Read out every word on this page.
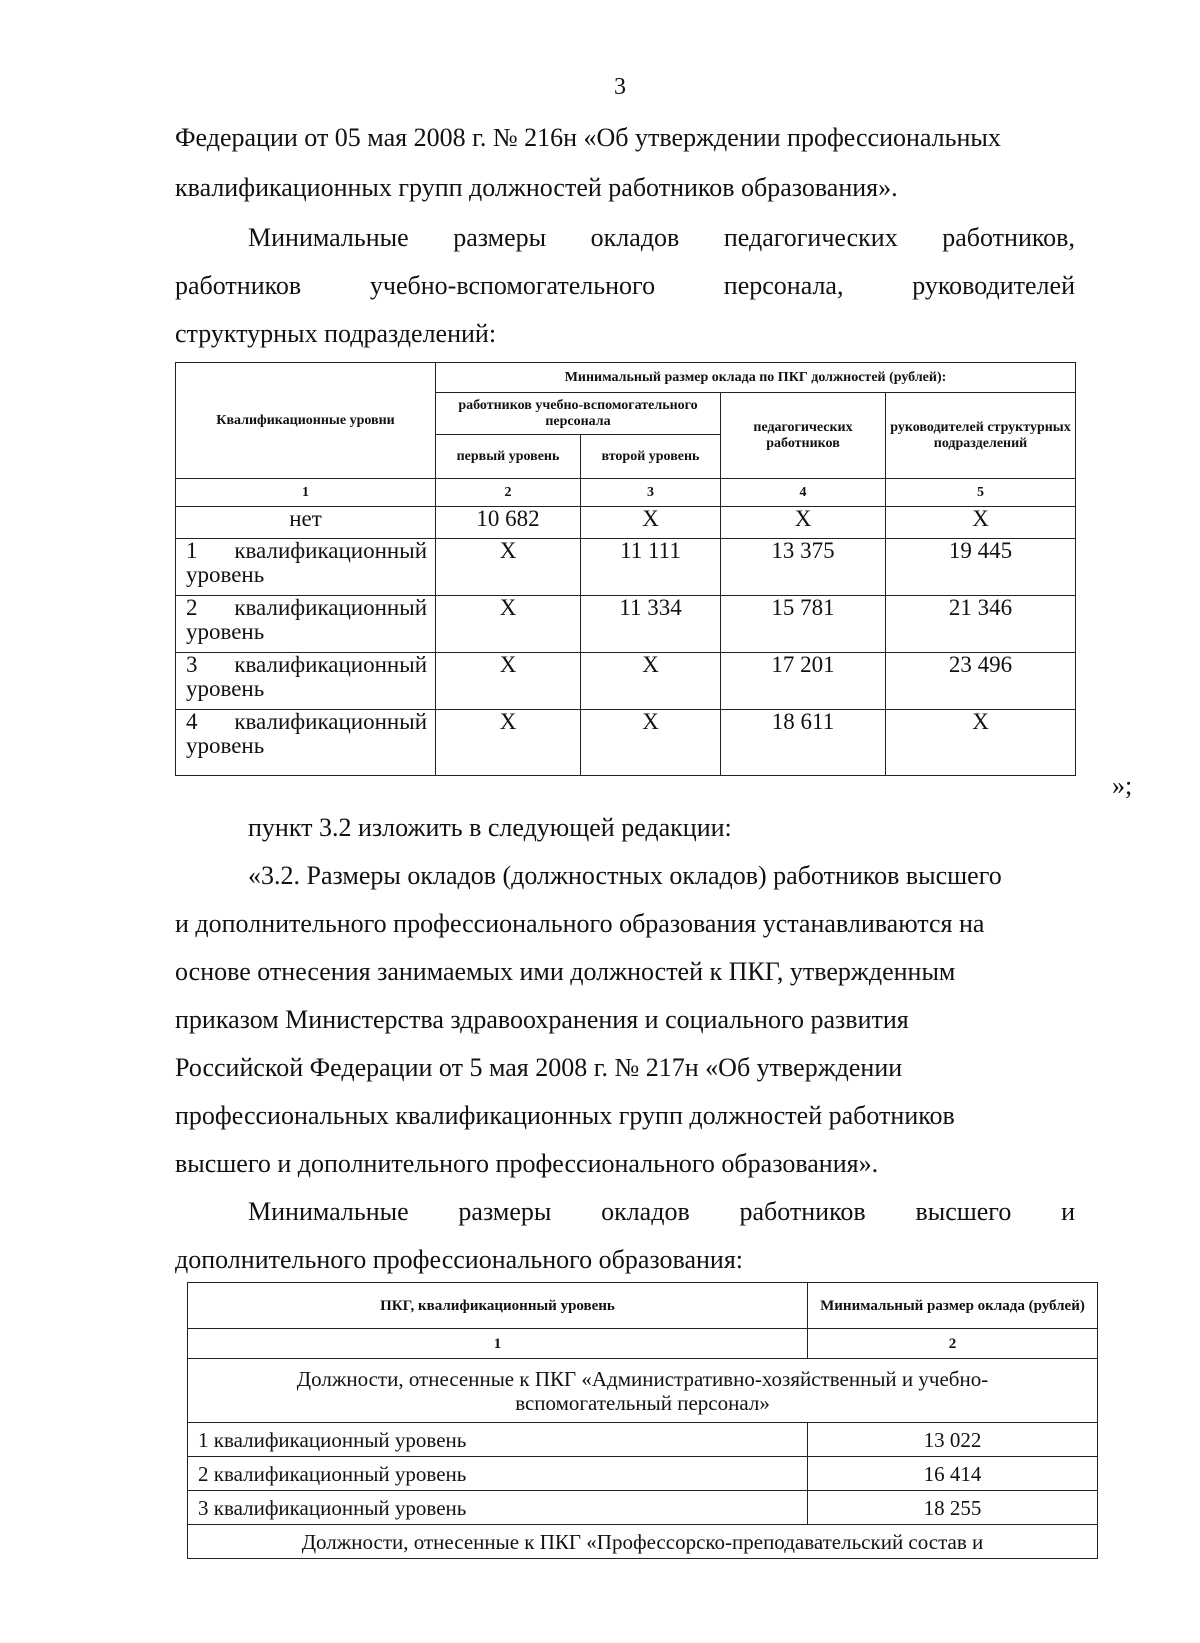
3
Федерации от 05 мая 2008 г. № 216н «Об утверждении профессиональных
квалификационных групп должностей работников образования».
Минимальные размеры окладов педагогических работников,
работников	учебно-вспомогательного	персонала,	руководителей
структурных подразделений:
Квалификационные уровни	Минимальный размер оклада по ПКГ должностей (рублей):			
	работников учебно-вспомогательного персонала		педагогических работников	руководителей структурных подразделений
	первый уровень	второй уровень		
1	2	3	4	5
нет	10 682	X	X	X

1 квалификационный
уровень	X	11 111	13 375	19 445

2 квалификационный
уровень	X	11 334	15 781	21 346

3 квалификационный
уровень	X	X	17 201	23 496

4 квалификационный
уровень	X	X	18 611	X
»;
пункт 3.2 изложить в следующей редакции:
«3.2. Размеры окладов (должностных окладов) работников высшего
и дополнительного профессионального образования устанавливаются на
основе отнесения занимаемых ими должностей к ПКГ, утвержденным
приказом Министерства здравоохранения и социального развития
Российской Федерации от 5 мая 2008 г. № 217н «Об утверждении
профессиональных квалификационных групп должностей работников
высшего и дополнительного профессионального образования».
Минимальные размеры окладов работников высшего и
дополнительного профессионального образования:
ПКГ, квалификационный уровень	Минимальный размер оклада (рублей)
1	2
Должности, отнесенные к ПКГ «Административно-хозяйственный и учебно-вспомогательный персонал»	
1 квалификационный уровень	13 022
2 квалификационный уровень	16 414
3 квалификационный уровень	18 255
Должности, отнесенные к ПКГ «Профессорско-преподавательский состав и	
